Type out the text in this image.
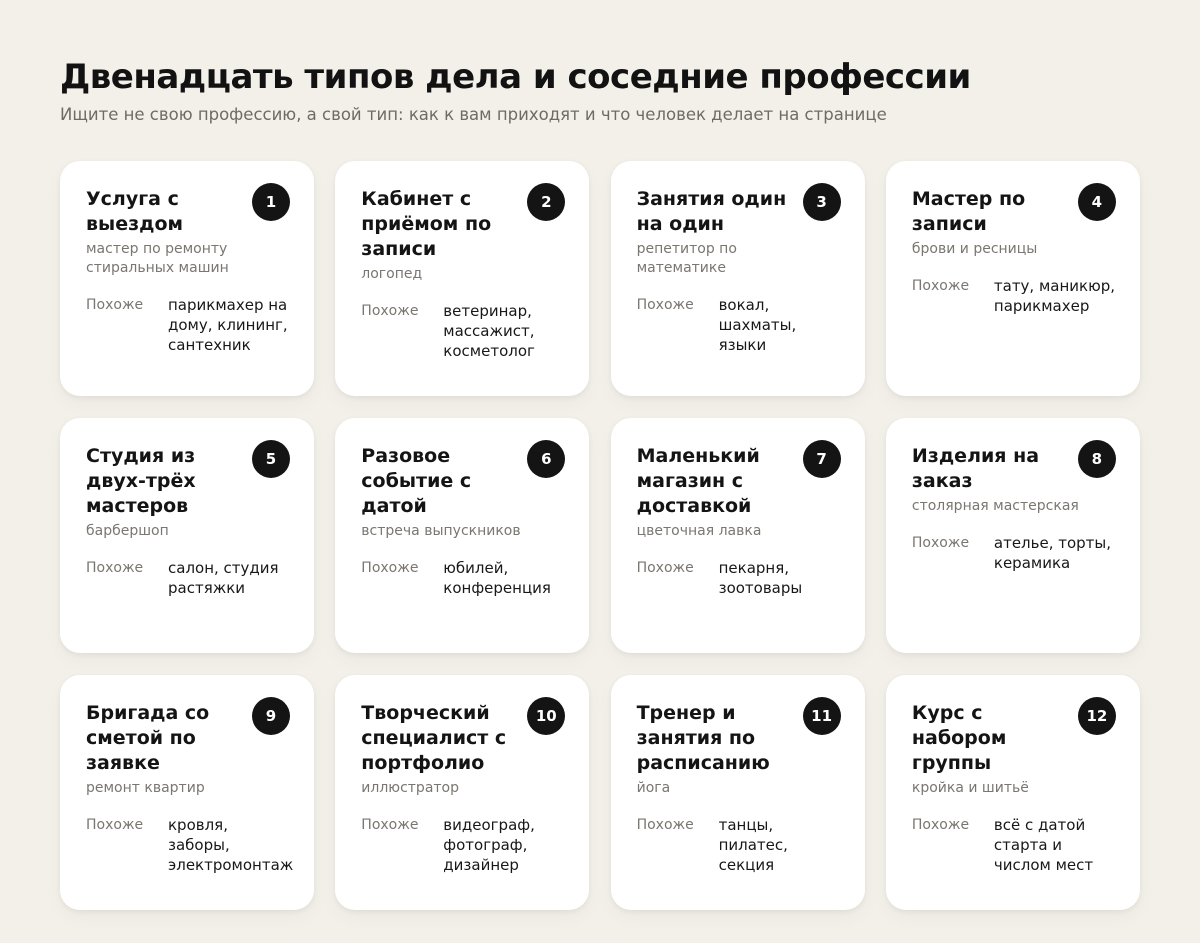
Двенадцать типов дела и соседние профессии
Ищите не свою профессию, а свой тип: как к вам приходят и что человек делает на странице
1
Услуга с выездом
мастер по ремонту стиральных машин
Похоже	парикмахер на дому, клининг, сантехник
2
Кабинет с приёмом по записи
логопед
Похоже	ветеринар, массажист, косметолог
3
Занятия один на один
репетитор по математике
Похоже	вокал, шахматы, языки
4
Мастер по записи
брови и ресницы
Похоже	тату, маникюр, парикмахер
5
Студия из двух-трёх мастеров
барбершоп
Похоже	салон, студия растяжки
6
Разовое событие с датой
встреча выпускников
Похоже	юбилей, конференция
7
Маленький магазин с доставкой
цветочная лавка
Похоже	пекарня, зоотовары
8
Изделия на заказ
столярная мастерская
Похоже	ателье, торты, керамика
9
Бригада со сметой по заявке
ремонт квартир
Похоже	кровля, заборы, электромонтаж
10
Творческий специалист с портфолио
иллюстратор
Похоже	видеограф, фотограф, дизайнер
11
Тренер и занятия по расписанию
йога
Похоже	танцы, пилатес, секция
12
Курс с набором группы
кройка и шитьё
Похоже	всё с датой старта и числом мест
